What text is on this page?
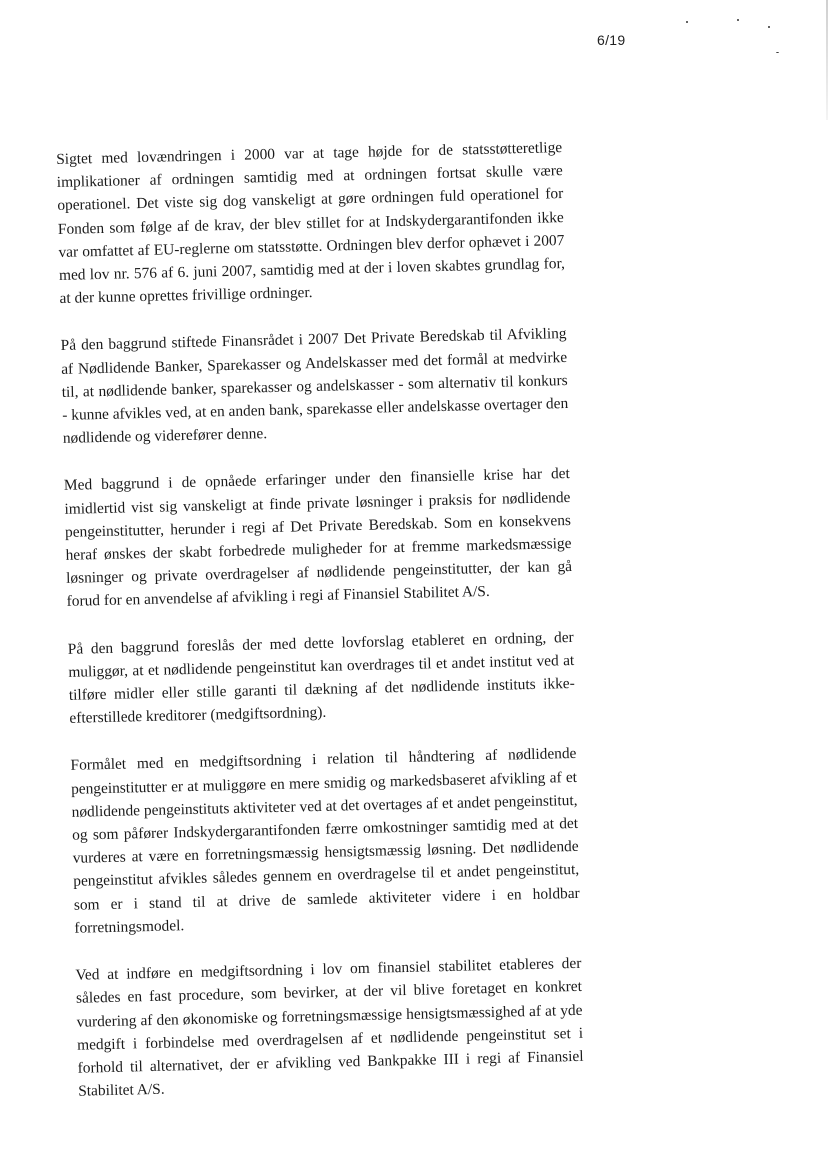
6/19

Sigtet med lovændringen i 2000 var at tage højde for de statsstøtteretlige implikationer af ordningen samtidig med at ordningen fortsat skulle være operationel. Det viste sig dog vanskeligt at gøre ordningen fuld operationel for Fonden som følge af de krav, der blev stillet for at Indskydergarantifonden ikke var omfattet af EU-reglerne om statsstøtte. Ordningen blev derfor ophævet i 2007 med lov nr. 576 af 6. juni 2007, samtidig med at der i loven skabtes grundlag for, at der kunne oprettes frivillige ordninger.

På den baggrund stiftede Finansrådet i 2007 Det Private Beredskab til Afvikling af Nødlidende Banker, Sparekasser og Andelskasser med det formål at medvirke til, at nødlidende banker, sparekasser og andelskasser - som alternativ til konkurs - kunne afvikles ved, at en anden bank, sparekasse eller andelskasse overtager den nødlidende og viderefører denne.

Med baggrund i de opnåede erfaringer under den finansielle krise har det imidlertid vist sig vanskeligt at finde private løsninger i praksis for nødlidende pengeinstitutter, herunder i regi af Det Private Beredskab. Som en konsekvens heraf ønskes der skabt forbedrede muligheder for at fremme markedsmæssige løsninger og private overdragelser af nødlidende pengeinstitutter, der kan gå forud for en anvendelse af afvikling i regi af Finansiel Stabilitet A/S.

På den baggrund foreslås der med dette lovforslag etableret en ordning, der muliggør, at et nødlidende pengeinstitut kan overdrages til et andet institut ved at tilføre midler eller stille garanti til dækning af det nødlidende instituts ikke-efterstillede kreditorer (medgiftsordning).

Formålet med en medgiftsordning i relation til håndtering af nødlidende pengeinstitutter er at muliggøre en mere smidig og markedsbaseret afvikling af et nødlidende pengeinstituts aktiviteter ved at det overtages af et andet pengeinstitut, og som påfører Indskydergarantifonden færre omkostninger samtidig med at det vurderes at være en forretningsmæssig hensigtsmæssig løsning. Det nødlidende pengeinstitut afvikles således gennem en overdragelse til et andet pengeinstitut, som er i stand til at drive de samlede aktiviteter videre i en holdbar forretningsmodel.

Ved at indføre en medgiftsordning i lov om finansiel stabilitet etableres der således en fast procedure, som bevirker, at der vil blive foretaget en konkret vurdering af den økonomiske og forretningsmæssige hensigtsmæssighed af at yde medgift i forbindelse med overdragelsen af et nødlidende pengeinstitut set i forhold til alternativet, der er afvikling ved Bankpakke III i regi af Finansiel Stabilitet A/S.
